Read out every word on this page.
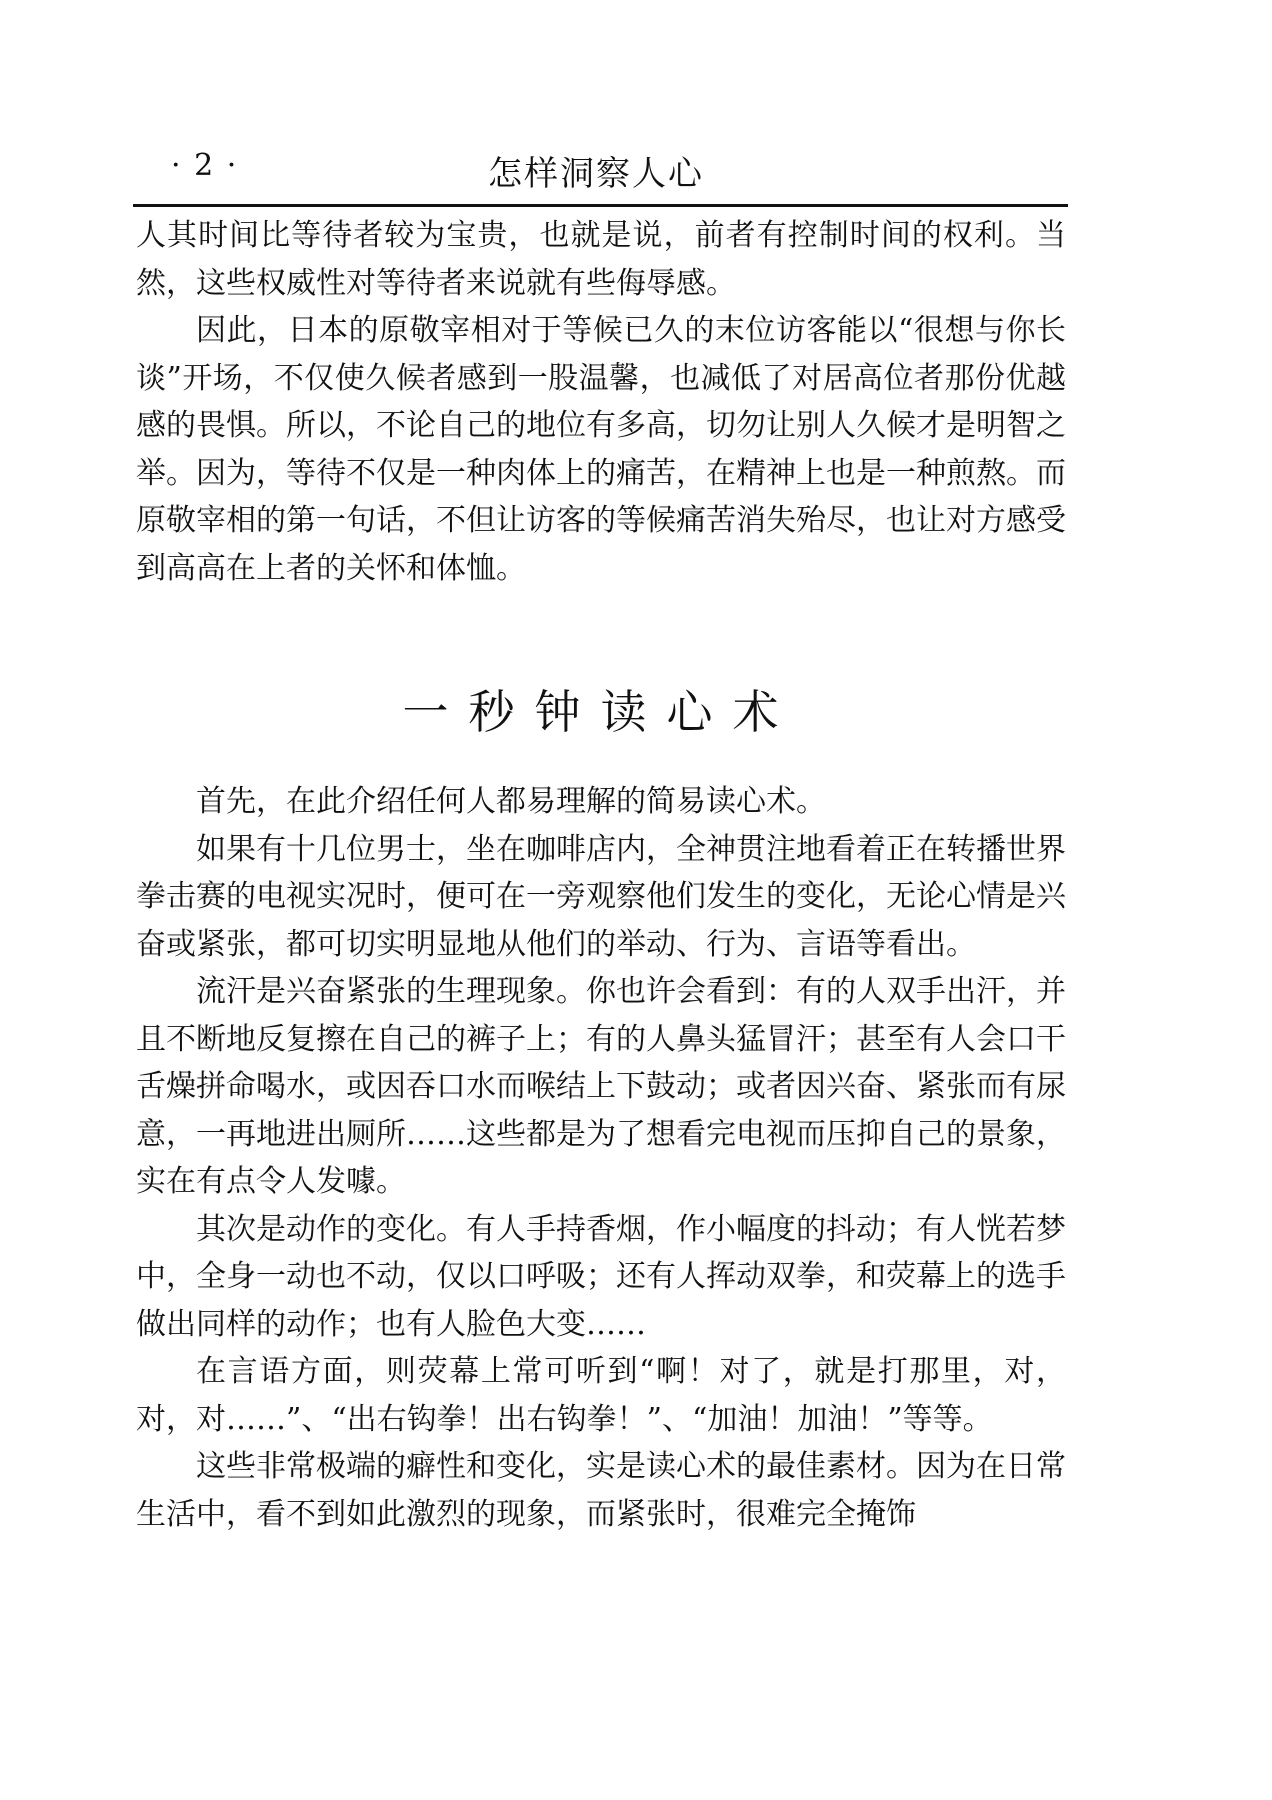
· 2 ·	怎样洞察人心

人其时间比等待者较为宝贵，也就是说，前者有控制时间的权利。当然，这些权威性对等待者来说就有些侮辱感。

因此，日本的原敬宰相对于等候已久的末位访客能以“很想与你长谈”开场，不仅使久候者感到一股温馨，也减低了对居高位者那份优越感的畏惧。所以，不论自己的地位有多高，切勿让别人久候才是明智之举。因为，等待不仅是一种肉体上的痛苦，在精神上也是一种煎熬。而原敬宰相的第一句话，不但让访客的等候痛苦消失殆尽，也让对方感受到高高在上者的关怀和体恤。

一秒钟读心术

首先，在此介绍任何人都易理解的简易读心术。

如果有十几位男士，坐在咖啡店内，全神贯注地看着正在转播世界拳击赛的电视实况时，便可在一旁观察他们发生的变化，无论心情是兴奋或紧张，都可切实明显地从他们的举动、行为、言语等看出。

流汗是兴奋紧张的生理现象。你也许会看到：有的人双手出汗，并且不断地反复擦在自己的裤子上；有的人鼻头猛冒汗；甚至有人会口干舌燥拼命喝水，或因吞口水而喉结上下鼓动；或者因兴奋、紧张而有尿意，一再地进出厕所……这些都是为了想看完电视而压抑自己的景象，实在有点令人发噱。

其次是动作的变化。有人手持香烟，作小幅度的抖动；有人恍若梦中，全身一动也不动，仅以口呼吸；还有人挥动双拳，和荧幕上的选手做出同样的动作；也有人脸色大变……

在言语方面，则荧幕上常可听到“啊！对了，就是打那里，对，对，对……”、“出右钩拳！出右钩拳！”、“加油！加油！”等等。

这些非常极端的癖性和变化，实是读心术的最佳素材。因为在日常生活中，看不到如此激烈的现象，而紧张时，很难完全掩饰
